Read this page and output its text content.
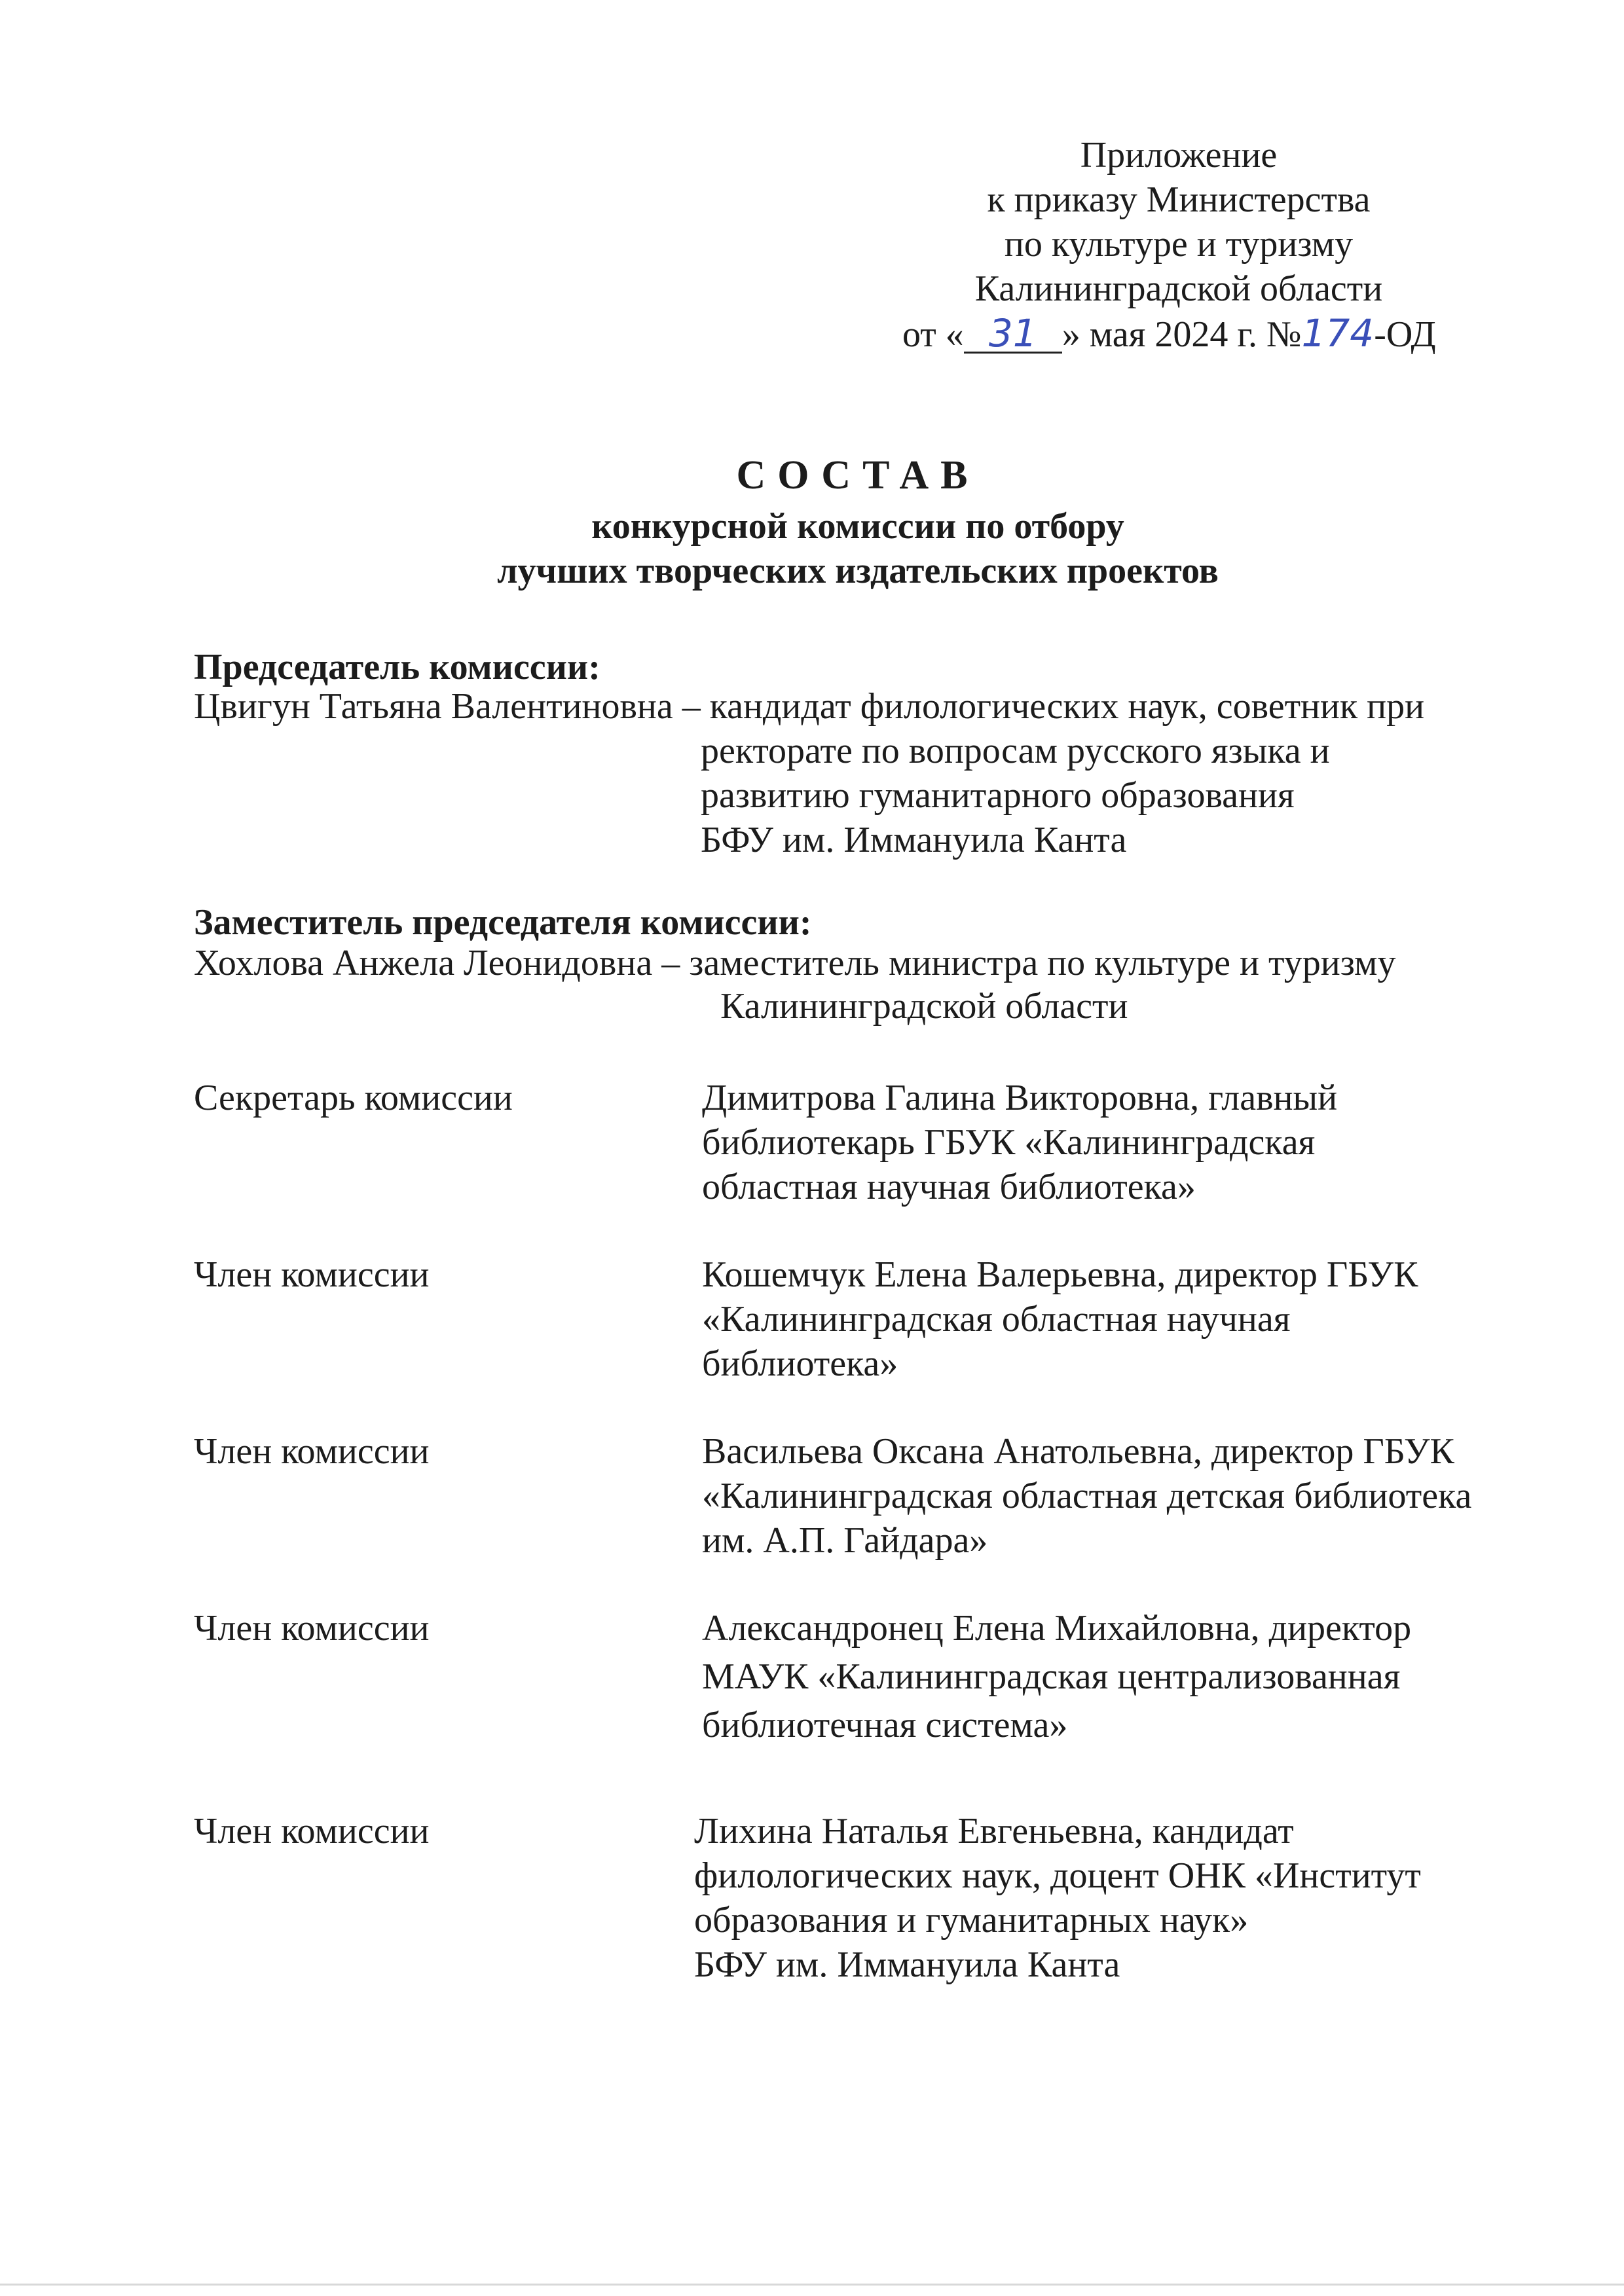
Приложение
к приказу Министерства
по культуре и туризму
Калининградской области
от « 31 » мая 2024 г. №174-ОД
СОСТАВ
конкурсной комиссии по отбору
лучших творческих издательских проектов
Председатель комиссии:
Цвигун Татьяна Валентиновна – кандидат филологических наук, советник при
ректорате по вопросам русского языка и
развитию гуманитарного образования
БФУ им. Иммануила Канта
Заместитель председателя комиссии:
Хохлова Анжела Леонидовна – заместитель министра по культуре и туризму
Калининградской области
Секретарь комиссии	Димитрова Галина Викторовна, главный
библиотекарь ГБУК «Калининградская
областная научная библиотека»
Член комиссии	Кошемчук Елена Валерьевна, директор ГБУК
«Калининградская областная научная
библиотека»
Член комиссии	Васильева Оксана Анатольевна, директор ГБУК
«Калининградская областная детская библиотека
им. А.П. Гайдара»
Член комиссии	Александронец Елена Михайловна, директор
МАУК «Калининградская централизованная
библиотечная система»
Член комиссии	Лихина Наталья Евгеньевна, кандидат
филологических наук, доцент ОНК «Институт
образования и гуманитарных наук»
БФУ им. Иммануила Канта
